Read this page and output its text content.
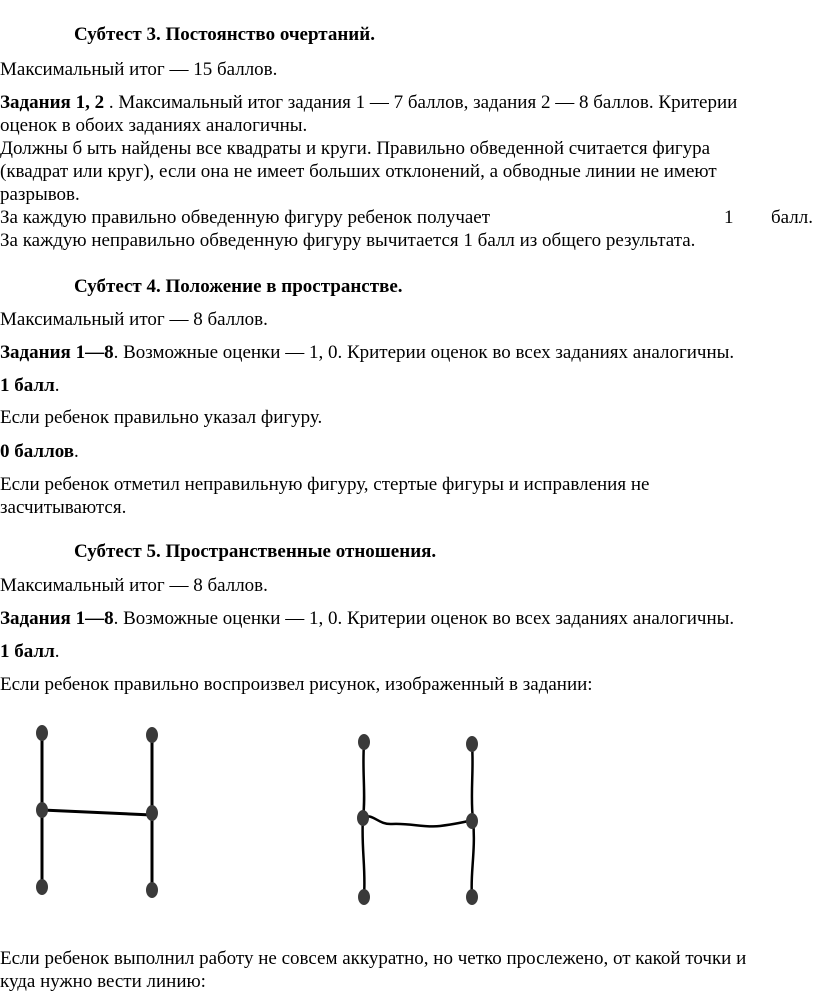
Субтест 3. Постоянство очертаний.
Максимальный итог — 15 баллов.
Задания 1, 2 . Максимальный итог задания 1 — 7 баллов, задания 2 — 8 баллов. Критерии
оценок в обоих заданиях аналогичны.
Должны б ыть найдены все квадраты и круги. Правильно обведенной считается фигура
(квадрат или круг), если она не имеет больших отклонений, а обводные линии не имеют
разрывов.
За каждую правильно обведенную фигуру ребенок получает	1 балл.
За каждую неправильно обведенную фигуру вычитается 1 балл из общего результата.
Субтест 4. Положение в пространстве.
Максимальный итог — 8 баллов.
Задания 1—8. Возможные оценки — 1, 0. Критерии оценок во всех заданиях аналогичны.
1 балл.
Если ребенок правильно указал фигуру.
0 баллов.
Если ребенок отметил неправильную фигуру, стертые фигуры и исправления не
засчитываются.
Субтест 5. Пространственные отношения.
Максимальный итог — 8 баллов.
Задания 1—8. Возможные оценки — 1, 0. Критерии оценок во всех заданиях аналогичны.
1 балл.
Если ребенок правильно воспроизвел рисунок, изображенный в задании:
Если ребенок выполнил работу не совсем аккуратно, но четко прослежено, от какой точки и
куда нужно вести линию:
